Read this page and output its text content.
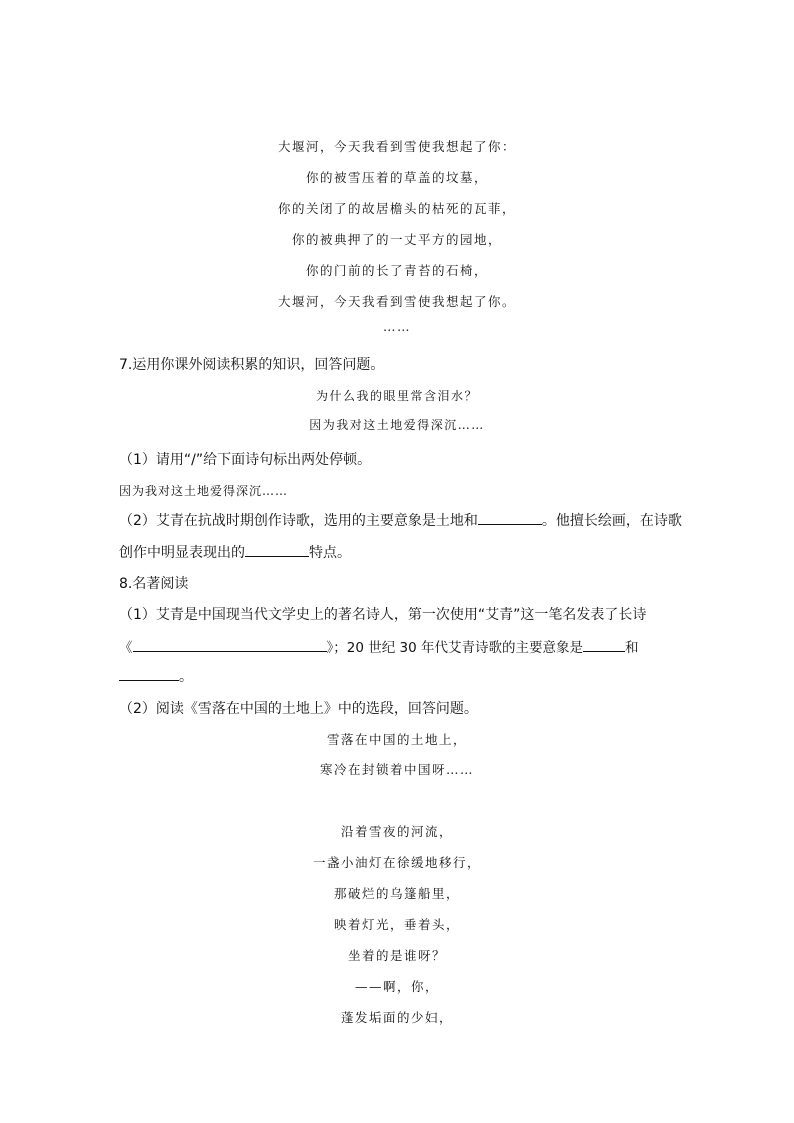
大堰河，今天我看到雪使我想起了你：
你的被雪压着的草盖的坟墓，
你的关闭了的故居檐头的枯死的瓦菲，
你的被典押了的一丈平方的园地，
你的门前的长了青苔的石椅，
大堰河，今天我看到雪使我想起了你。
……
7.运用你课外阅读积累的知识，回答问题。
为什么我的眼里常含泪水？
因为我对这土地爱得深沉……
（1）请用“/”给下面诗句标出两处停顿。
因为我对这土地爱得深沉……
（2）艾青在抗战时期创作诗歌，选用的主要意象是土地和	。他擅长绘画，在诗歌
创作中明显表现出的	特点。
8.名著阅读
（1）艾青是中国现当代文学史上的著名诗人，第一次使用“艾青”这一笔名发表了长诗
《	》；20 世纪 30 年代艾青诗歌的主要意象是	和
。
（2）阅读《雪落在中国的土地上》中的选段，回答问题。
雪落在中国的土地上，
寒冷在封锁着中国呀……
沿着雪夜的河流，
一盏小油灯在徐缓地移行，
那破烂的乌篷船里，
映着灯光，垂着头，
坐着的是谁呀？
——啊，你，
蓬发垢面的少妇，
